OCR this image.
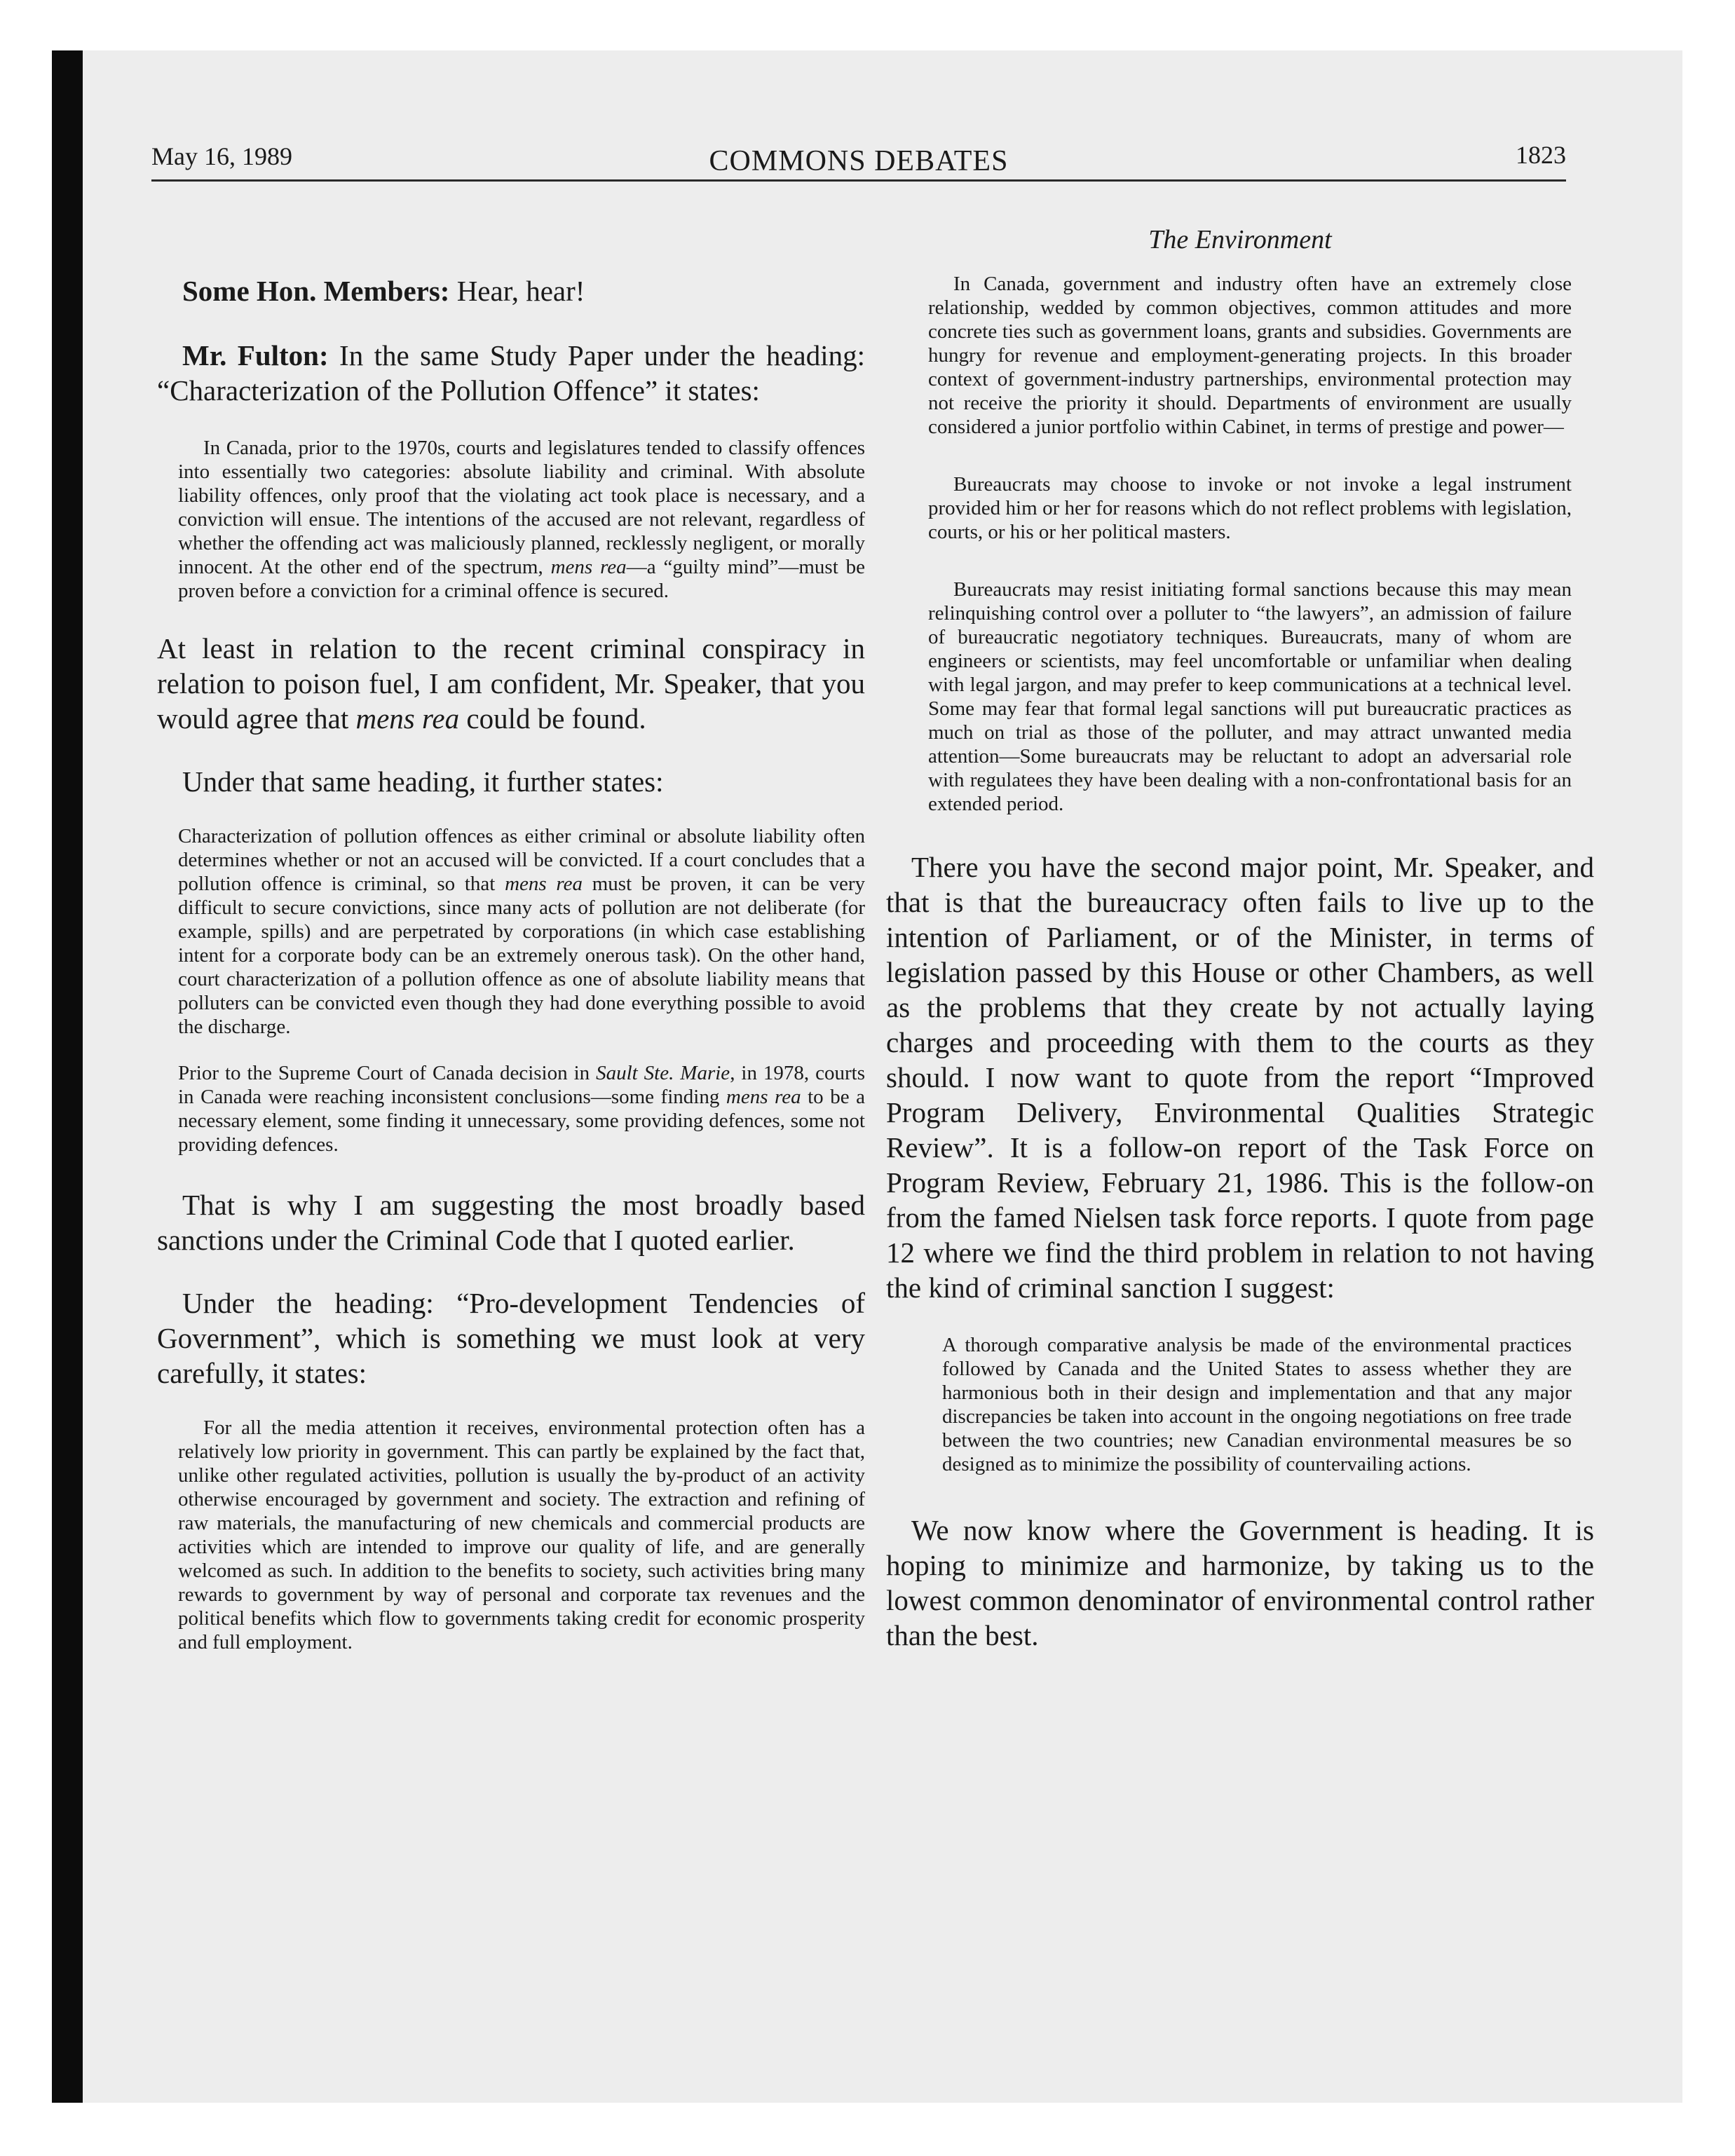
May 16, 1989	COMMONS DEBATES	1823

Some Hon. Members: Hear, hear!

Mr. Fulton: In the same Study Paper under the heading: “Characterization of the Pollution Offence” it states:

In Canada, prior to the 1970s, courts and legislatures tended to classify offences into essentially two categories: absolute liability and criminal. With absolute liability offences, only proof that the violating act took place is necessary, and a conviction will ensue. The intentions of the accused are not relevant, regardless of whether the offending act was maliciously planned, recklessly negligent, or morally innocent. At the other end of the spectrum, mens rea—a “guilty mind”—must be proven before a conviction for a criminal offence is secured.

At least in relation to the recent criminal conspiracy in relation to poison fuel, I am confident, Mr. Speaker, that you would agree that mens rea could be found.

Under that same heading, it further states:

Characterization of pollution offences as either criminal or absolute liability often determines whether or not an accused will be convicted. If a court concludes that a pollution offence is criminal, so that mens rea must be proven, it can be very difficult to secure convictions, since many acts of pollution are not deliberate (for example, spills) and are perpetrated by corporations (in which case establishing intent for a corporate body can be an extremely onerous task). On the other hand, court characterization of a pollution offence as one of absolute liability means that polluters can be convicted even though they had done everything possible to avoid the discharge.

Prior to the Supreme Court of Canada decision in Sault Ste. Marie, in 1978, courts in Canada were reaching inconsistent conclusions—some finding mens rea to be a necessary element, some finding it unnecessary, some providing defences, some not providing defences.

That is why I am suggesting the most broadly based sanctions under the Criminal Code that I quoted earlier.

Under the heading: “Pro-development Tendencies of Government”, which is something we must look at very carefully, it states:

For all the media attention it receives, environmental protection often has a relatively low priority in government. This can partly be explained by the fact that, unlike other regulated activities, pollution is usually the by-product of an activity otherwise encouraged by government and society. The extraction and refining of raw materials, the manufacturing of new chemicals and commercial products are activities which are intended to improve our quality of life, and are generally welcomed as such. In addition to the benefits to society, such activities bring many rewards to government by way of personal and corporate tax revenues and the political benefits which flow to governments taking credit for economic prosperity and full employment.

The Environment

In Canada, government and industry often have an extremely close relationship, wedded by common objectives, common attitudes and more concrete ties such as government loans, grants and subsidies. Governments are hungry for revenue and employment-generating projects. In this broader context of government-industry partnerships, environmental protection may not receive the priority it should. Departments of environment are usually considered a junior portfolio within Cabinet, in terms of prestige and power—

Bureaucrats may choose to invoke or not invoke a legal instrument provided him or her for reasons which do not reflect problems with legislation, courts, or his or her political masters.

Bureaucrats may resist initiating formal sanctions because this may mean relinquishing control over a polluter to “the lawyers”, an admission of failure of bureaucratic negotiatory techniques. Bureaucrats, many of whom are engineers or scientists, may feel uncomfortable or unfamiliar when dealing with legal jargon, and may prefer to keep communications at a technical level. Some may fear that formal legal sanctions will put bureaucratic practices as much on trial as those of the polluter, and may attract unwanted media attention—Some bureaucrats may be reluctant to adopt an adversarial role with regulatees they have been dealing with a non-confrontational basis for an extended period.

There you have the second major point, Mr. Speaker, and that is that the bureaucracy often fails to live up to the intention of Parliament, or of the Minister, in terms of legislation passed by this House or other Chambers, as well as the problems that they create by not actually laying charges and proceeding with them to the courts as they should. I now want to quote from the report “Improved Program Delivery, Environmental Qualities Strategic Review”. It is a follow-on report of the Task Force on Program Review, February 21, 1986. This is the follow-on from the famed Nielsen task force reports. I quote from page 12 where we find the third problem in relation to not having the kind of criminal sanction I suggest:

A thorough comparative analysis be made of the environmental practices followed by Canada and the United States to assess whether they are harmonious both in their design and implementation and that any major discrepancies be taken into account in the ongoing negotiations on free trade between the two countries; new Canadian environmental measures be so designed as to minimize the possibility of countervailing actions.

We now know where the Government is heading. It is hoping to minimize and harmonize, by taking us to the lowest common denominator of environmental control rather than the best.
